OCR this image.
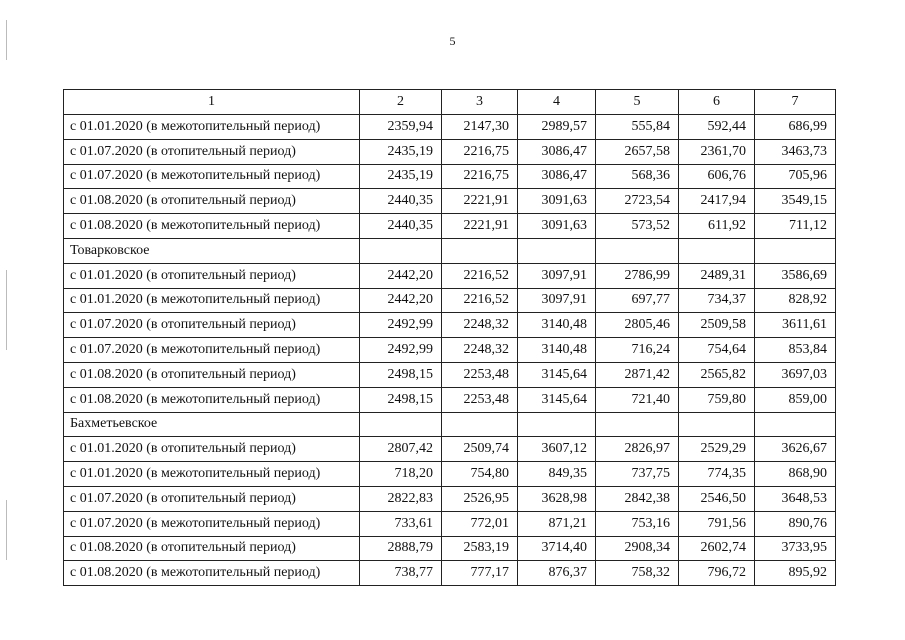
5
1	2	3	4	5	6	7
с 01.01.2020 (в межотопительный период)	2359,94	2147,30	2989,57	555,84	592,44	686,99
с 01.07.2020 (в отопительный период)	2435,19	2216,75	3086,47	2657,58	2361,70	3463,73
с 01.07.2020 (в межотопительный период)	2435,19	2216,75	3086,47	568,36	606,76	705,96
с 01.08.2020 (в отопительный период)	2440,35	2221,91	3091,63	2723,54	2417,94	3549,15
с 01.08.2020 (в межотопительный период)	2440,35	2221,91	3091,63	573,52	611,92	711,12
Товарковское						
с 01.01.2020 (в отопительный период)	2442,20	2216,52	3097,91	2786,99	2489,31	3586,69
с 01.01.2020 (в межотопительный период)	2442,20	2216,52	3097,91	697,77	734,37	828,92
с 01.07.2020 (в отопительный период)	2492,99	2248,32	3140,48	2805,46	2509,58	3611,61
с 01.07.2020 (в межотопительный период)	2492,99	2248,32	3140,48	716,24	754,64	853,84
с 01.08.2020 (в отопительный период)	2498,15	2253,48	3145,64	2871,42	2565,82	3697,03
с 01.08.2020 (в межотопительный период)	2498,15	2253,48	3145,64	721,40	759,80	859,00
Бахметьевское						
с 01.01.2020 (в отопительный период)	2807,42	2509,74	3607,12	2826,97	2529,29	3626,67
с 01.01.2020 (в межотопительный период)	718,20	754,80	849,35	737,75	774,35	868,90
с 01.07.2020 (в отопительный период)	2822,83	2526,95	3628,98	2842,38	2546,50	3648,53
с 01.07.2020 (в межотопительный период)	733,61	772,01	871,21	753,16	791,56	890,76
с 01.08.2020 (в отопительный период)	2888,79	2583,19	3714,40	2908,34	2602,74	3733,95
с 01.08.2020 (в межотопительный период)	738,77	777,17	876,37	758,32	796,72	895,92
